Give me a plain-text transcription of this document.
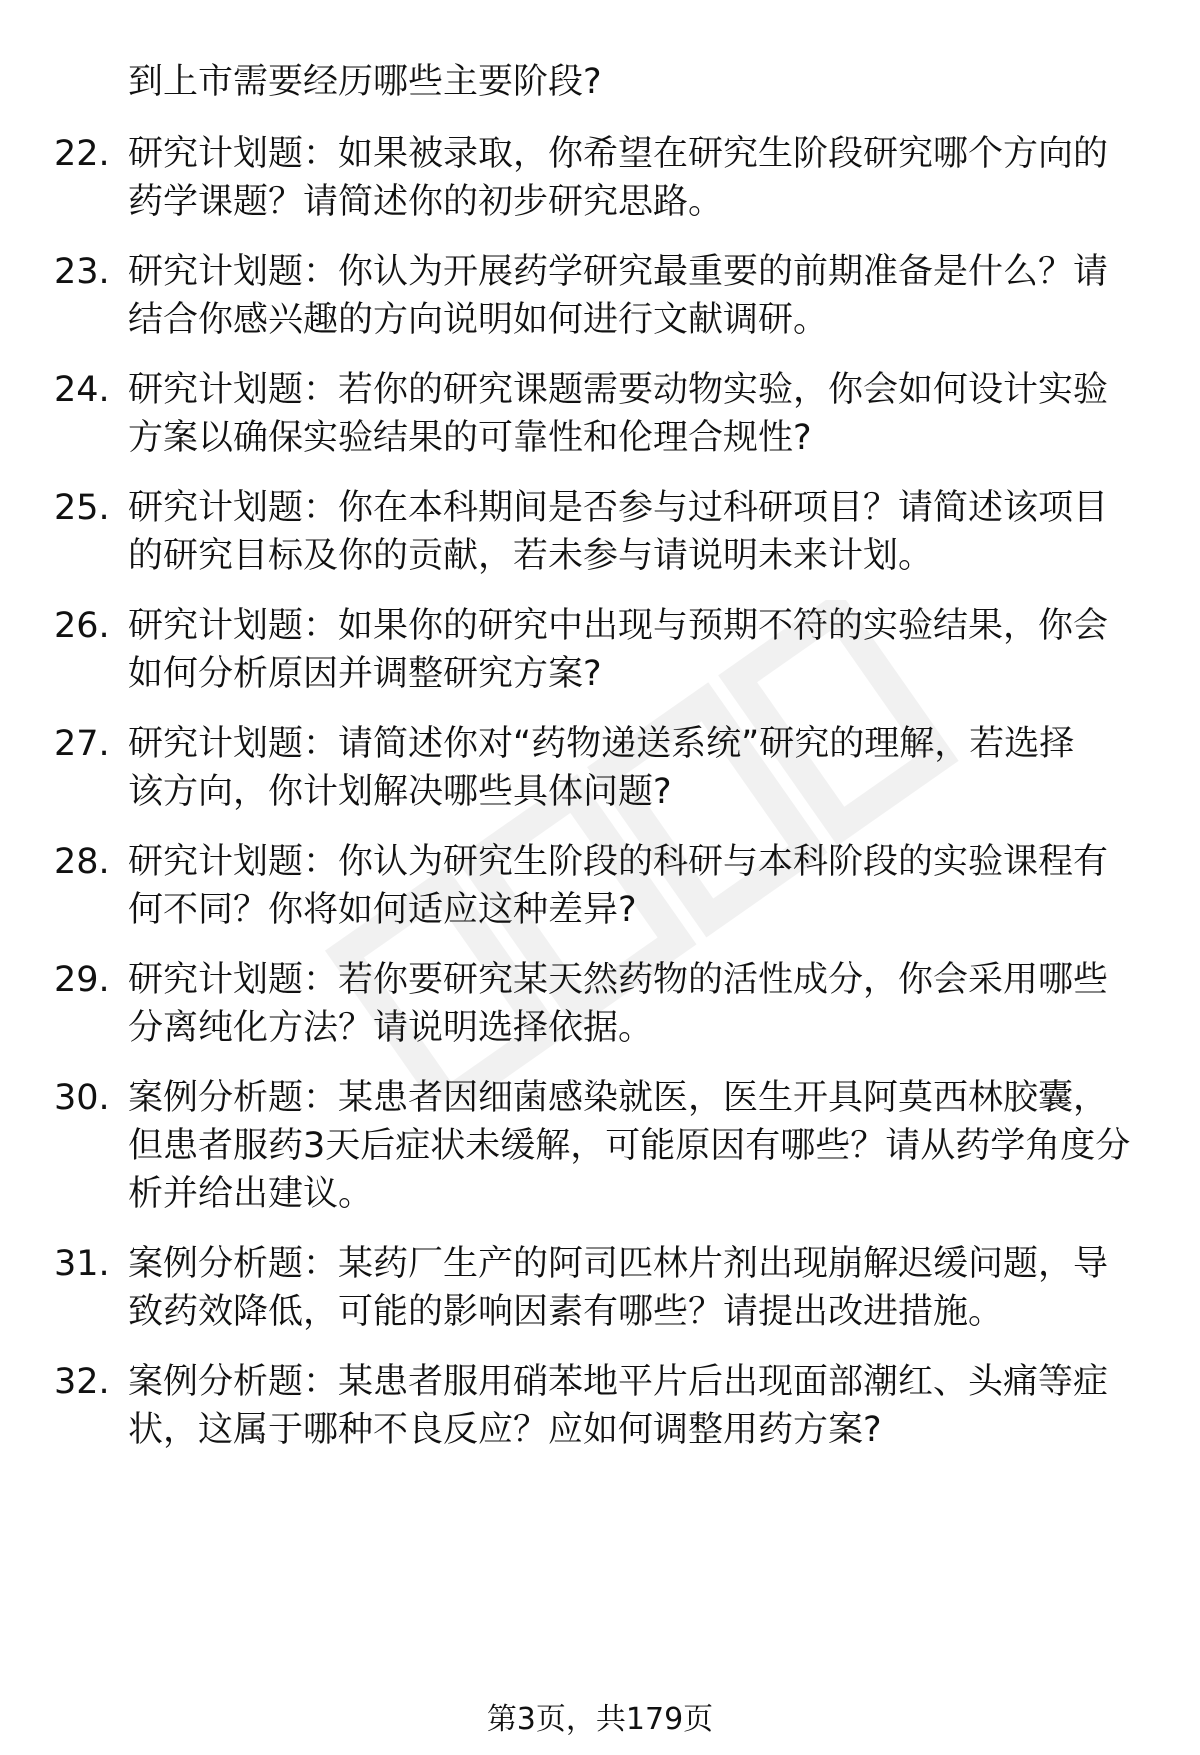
到上市需要经历哪些主要阶段?

22. 研究计划题：如果被录取，你希望在研究生阶段研究哪个方向的
药学课题？请简述你的初步研究思路。
23. 研究计划题：你认为开展药学研究最重要的前期准备是什么？请
结合你感兴趣的方向说明如何进行文献调研。
24. 研究计划题：若你的研究课题需要动物实验，你会如何设计实验
方案以确保实验结果的可靠性和伦理合规性?
25. 研究计划题：你在本科期间是否参与过科研项目？请简述该项目
的研究目标及你的贡献，若未参与请说明未来计划。
26. 研究计划题：如果你的研究中出现与预期不符的实验结果，你会
如何分析原因并调整研究方案?
27. 研究计划题：请简述你对“药物递送系统”研究的理解，若选择
该方向，你计划解决哪些具体问题?
28. 研究计划题：你认为研究生阶段的科研与本科阶段的实验课程有
何不同？你将如何适应这种差异?
29. 研究计划题：若你要研究某天然药物的活性成分，你会采用哪些
分离纯化方法？请说明选择依据。
30. 案例分析题：某患者因细菌感染就医，医生开具阿莫西林胶囊，
但患者服药3天后症状未缓解，可能原因有哪些？请从药学角度分
析并给出建议。
31. 案例分析题：某药厂生产的阿司匹林片剂出现崩解迟缓问题，导
致药效降低，可能的影响因素有哪些？请提出改进措施。
32. 案例分析题：某患者服用硝苯地平片后出现面部潮红、头痛等症
状，这属于哪种不良反应？应如何调整用药方案?
第3页，共179页
